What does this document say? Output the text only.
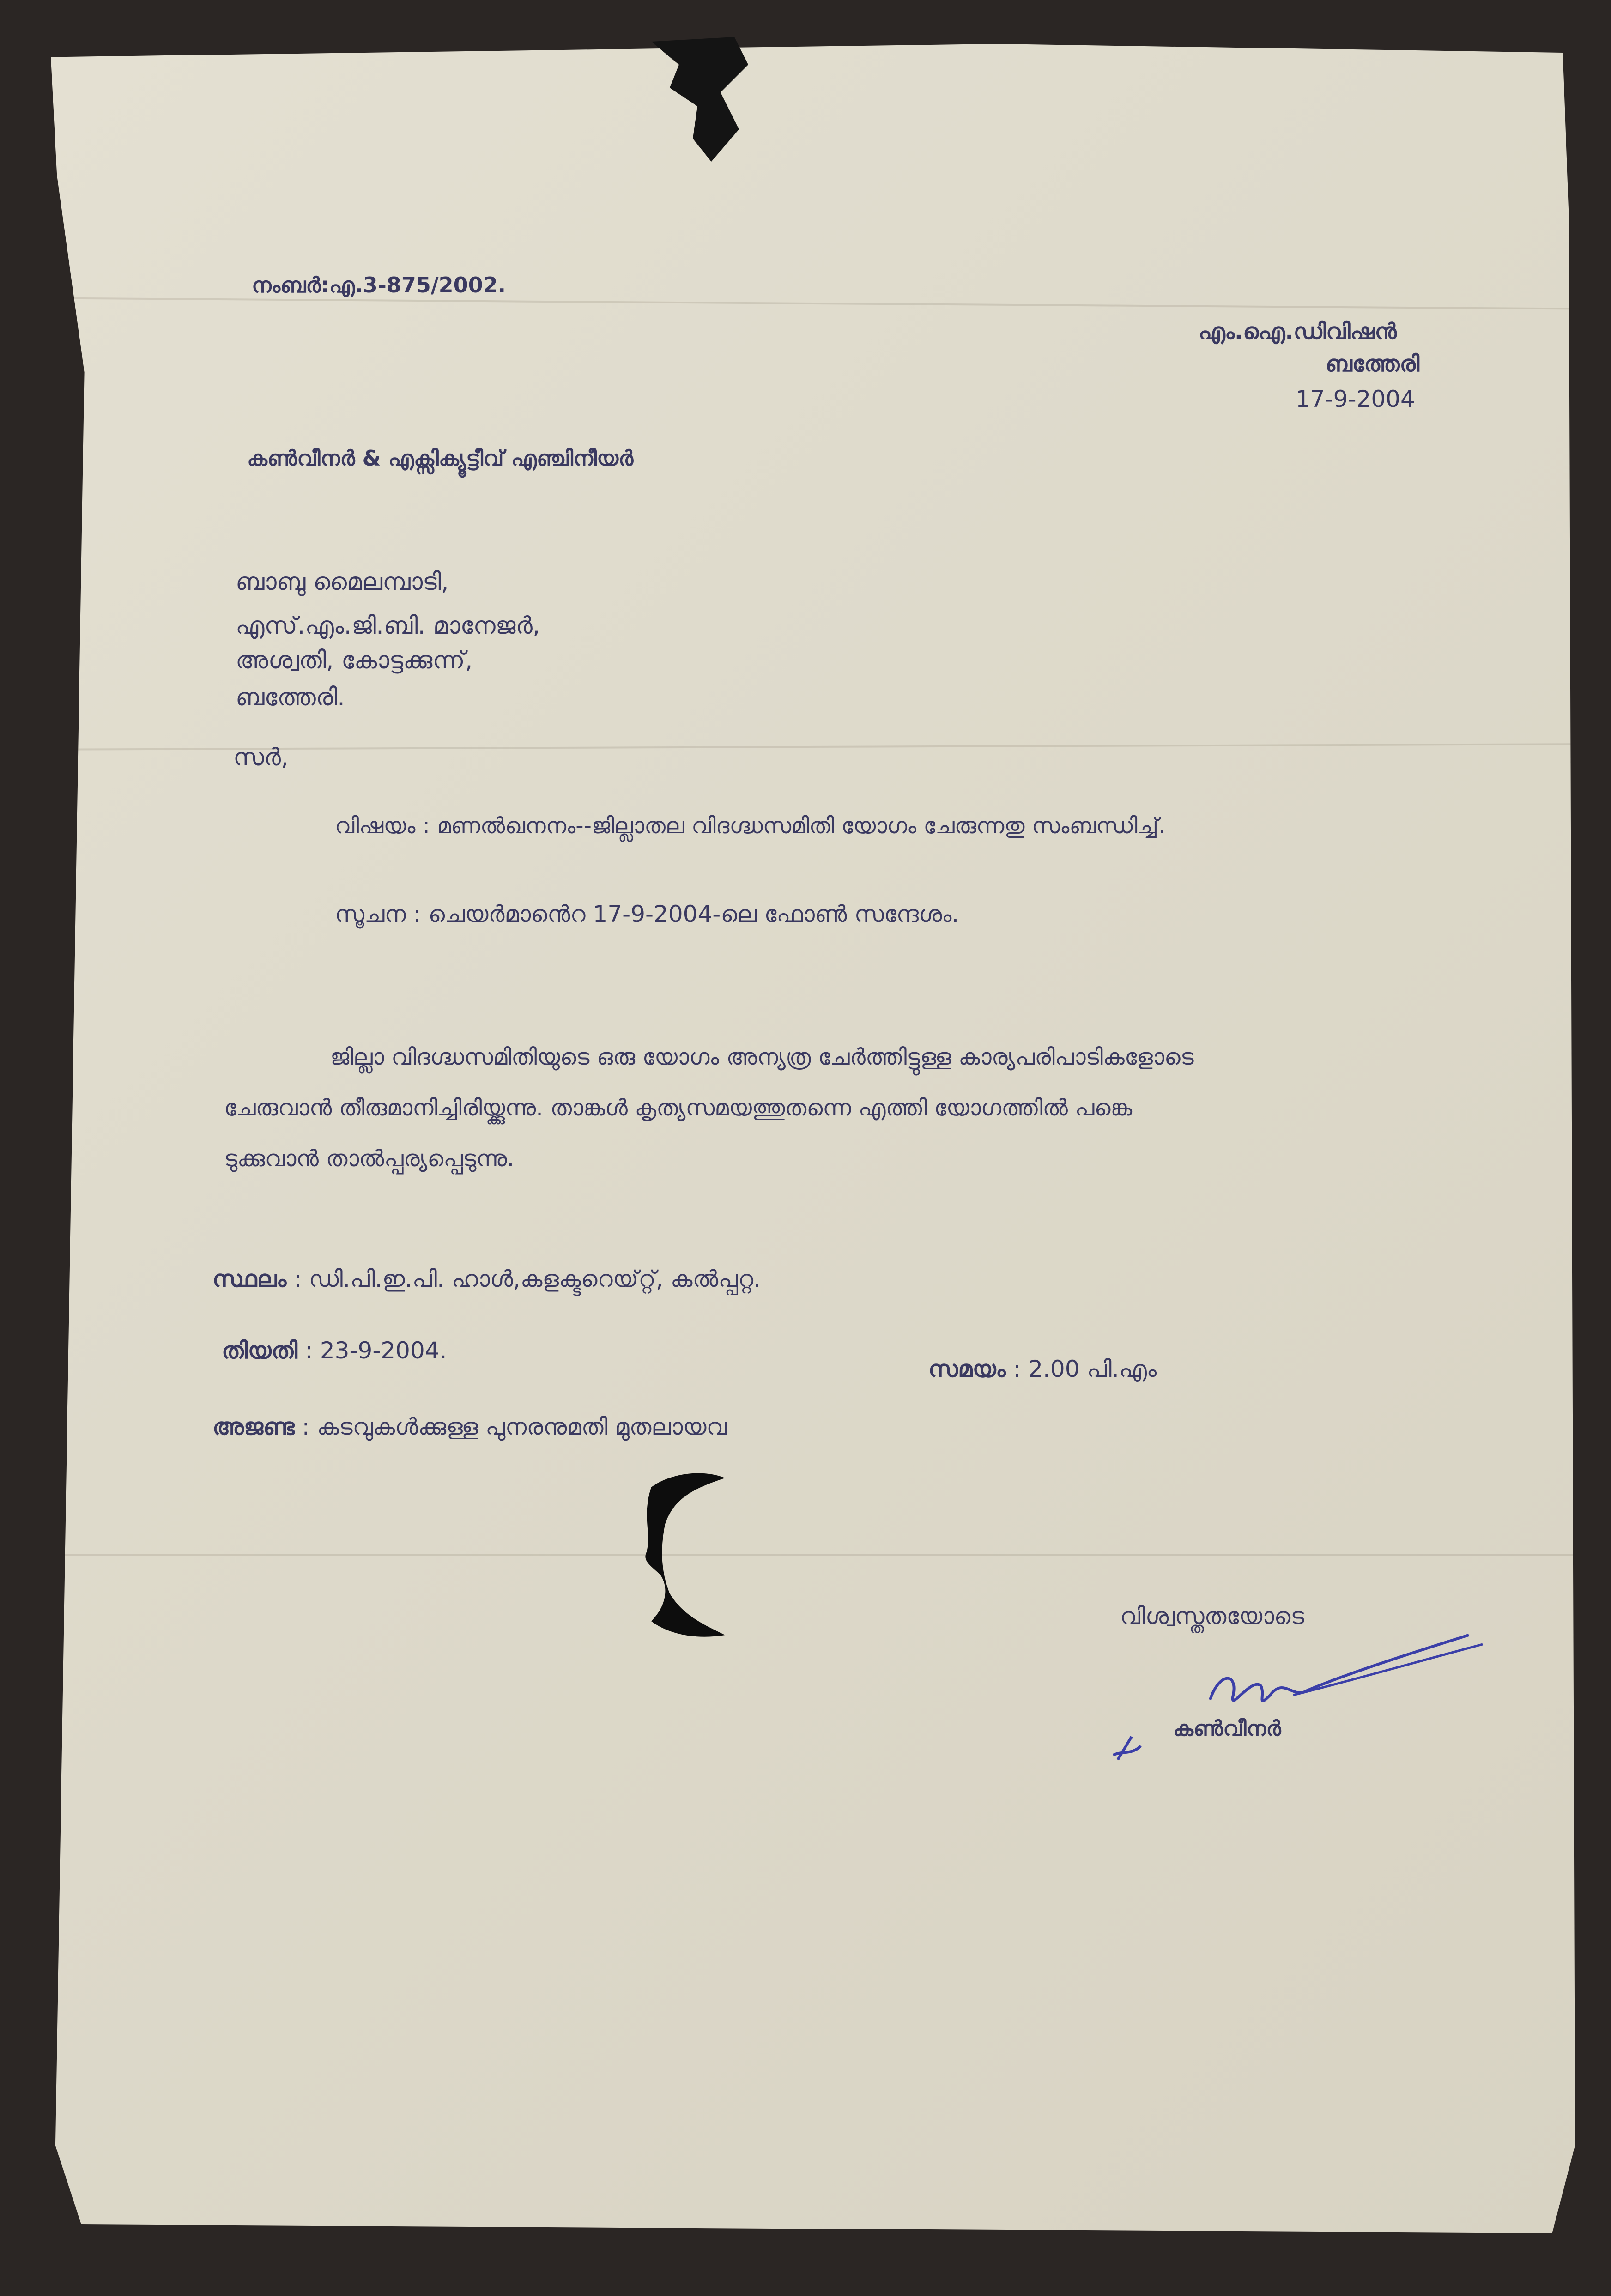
നംബർ:എ.3-875/2002.
എം.ഐ.ഡിവിഷൻ
ബത്തേരി
17-9-2004
കൺവീനർ & എക്സിക്യൂട്ടീവ് എഞ്ചിനീയർ
ബാബു മൈലമ്പാടി,
എസ്.എം.ജി.ബി. മാനേജർ,
അശ്വതി, കോട്ടക്കുന്ന്,
ബത്തേരി.
സർ,
വിഷയം : മണൽഖനനം--ജില്ലാതല വിദഗ്ദ്ധസമിതി യോഗം ചേരുന്നതു സംബന്ധിച്ച്.
സൂചന : ചെയർമാൻെറ 17-9-2004-ലെ ഫോൺ സന്ദേശം.
ജില്ലാ വിദഗ്ദ്ധസമിതിയുടെ ഒരു യോഗം അന്യത്ര ചേർത്തിട്ടുള്ള കാര്യപരിപാടികളോടെ
ചേരുവാൻ തീരുമാനിച്ചിരിയ്ക്കുന്നു. താങ്കൾ കൃത്യസമയത്തുതന്നെ എത്തി യോഗത്തിൽ പങ്കെ
ടുക്കുവാൻ താൽപ്പര്യപ്പെടുന്നു.
സ്ഥലം : ഡി.പി.ഇ.പി. ഹാൾ,കളക്ടറെയ്റ്റ്, കൽപ്പറ്റ.
തിയതി : 23-9-2004.
സമയം : 2.00 പി.എം
അജണ്ട : കടവുകൾക്കുള്ള പുനരനുമതി മുതലായവ
വിശ്വസ്തതയോടെ
കൺവീനർ
